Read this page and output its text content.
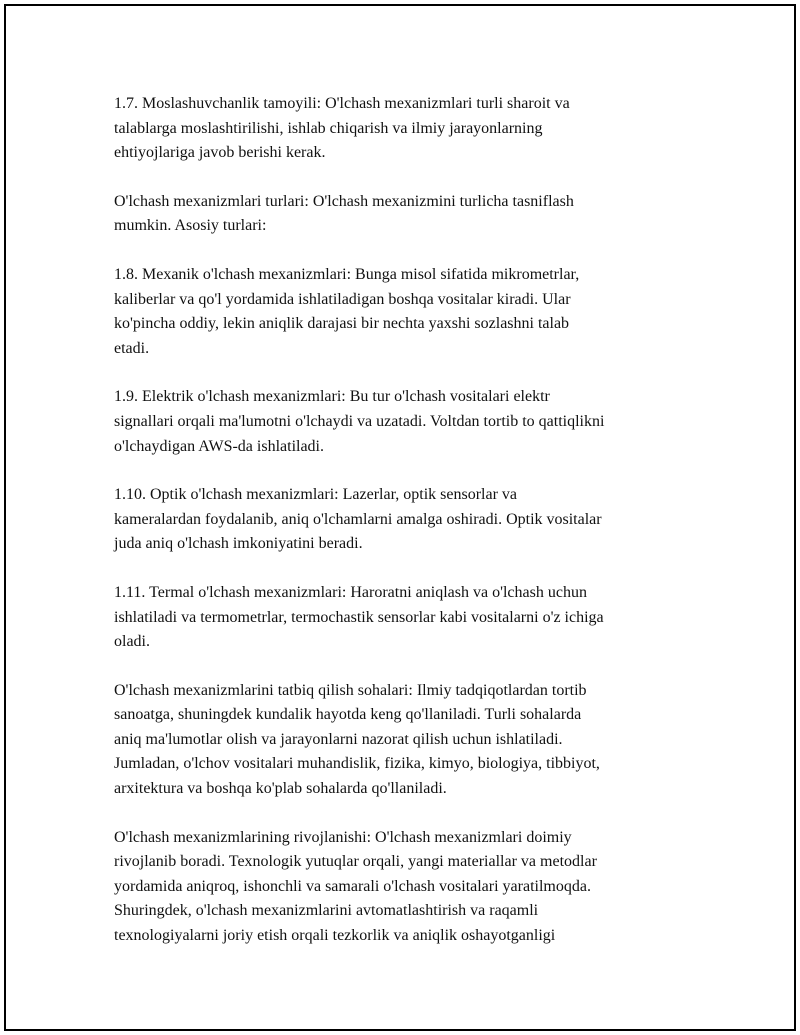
1.7. Moslashuvchanlik tamoyili: O'lchash mexanizmlari turli sharoit va
talablarga moslashtirilishi, ishlab chiqarish va ilmiy jarayonlarning
ehtiyojlariga javob berishi kerak.

O'lchash mexanizmlari turlari: O'lchash mexanizmini turlicha tasniflash
mumkin. Asosiy turlari:

1.8. Mexanik o'lchash mexanizmlari: Bunga misol sifatida mikrometrlar,
kaliberlar va qo'l yordamida ishlatiladigan boshqa vositalar kiradi. Ular
ko'pincha oddiy, lekin aniqlik darajasi bir nechta yaxshi sozlashni talab
etadi.

1.9. Elektrik o'lchash mexanizmlari: Bu tur o'lchash vositalari elektr
signallari orqali ma'lumotni o'lchaydi va uzatadi. Voltdan tortib to qattiqlikni
o'lchaydigan AWS-da ishlatiladi.

1.10. Optik o'lchash mexanizmlari: Lazerlar, optik sensorlar va
kameralardan foydalanib, aniq o'lchamlarni amalga oshiradi. Optik vositalar
juda aniq o'lchash imkoniyatini beradi.

1.11. Termal o'lchash mexanizmlari: Haroratni aniqlash va o'lchash uchun
ishlatiladi va termometrlar, termochastik sensorlar kabi vositalarni o'z ichiga
oladi.

O'lchash mexanizmlarini tatbiq qilish sohalari: Ilmiy tadqiqotlardan tortib
sanoatga, shuningdek kundalik hayotda keng qo'llaniladi. Turli sohalarda
aniq ma'lumotlar olish va jarayonlarni nazorat qilish uchun ishlatiladi.
Jumladan, o'lchov vositalari muhandislik, fizika, kimyo, biologiya, tibbiyot,
arxitektura va boshqa ko'plab sohalarda qo'llaniladi.

O'lchash mexanizmlarining rivojlanishi: O'lchash mexanizmlari doimiy
rivojlanib boradi. Texnologik yutuqlar orqali, yangi materiallar va metodlar
yordamida aniqroq, ishonchli va samarali o'lchash vositalari yaratilmoqda.
Shuringdek, o'lchash mexanizmlarini avtomatlashtirish va raqamli
texnologiyalarni joriy etish orqali tezkorlik va aniqlik oshayotganligi
